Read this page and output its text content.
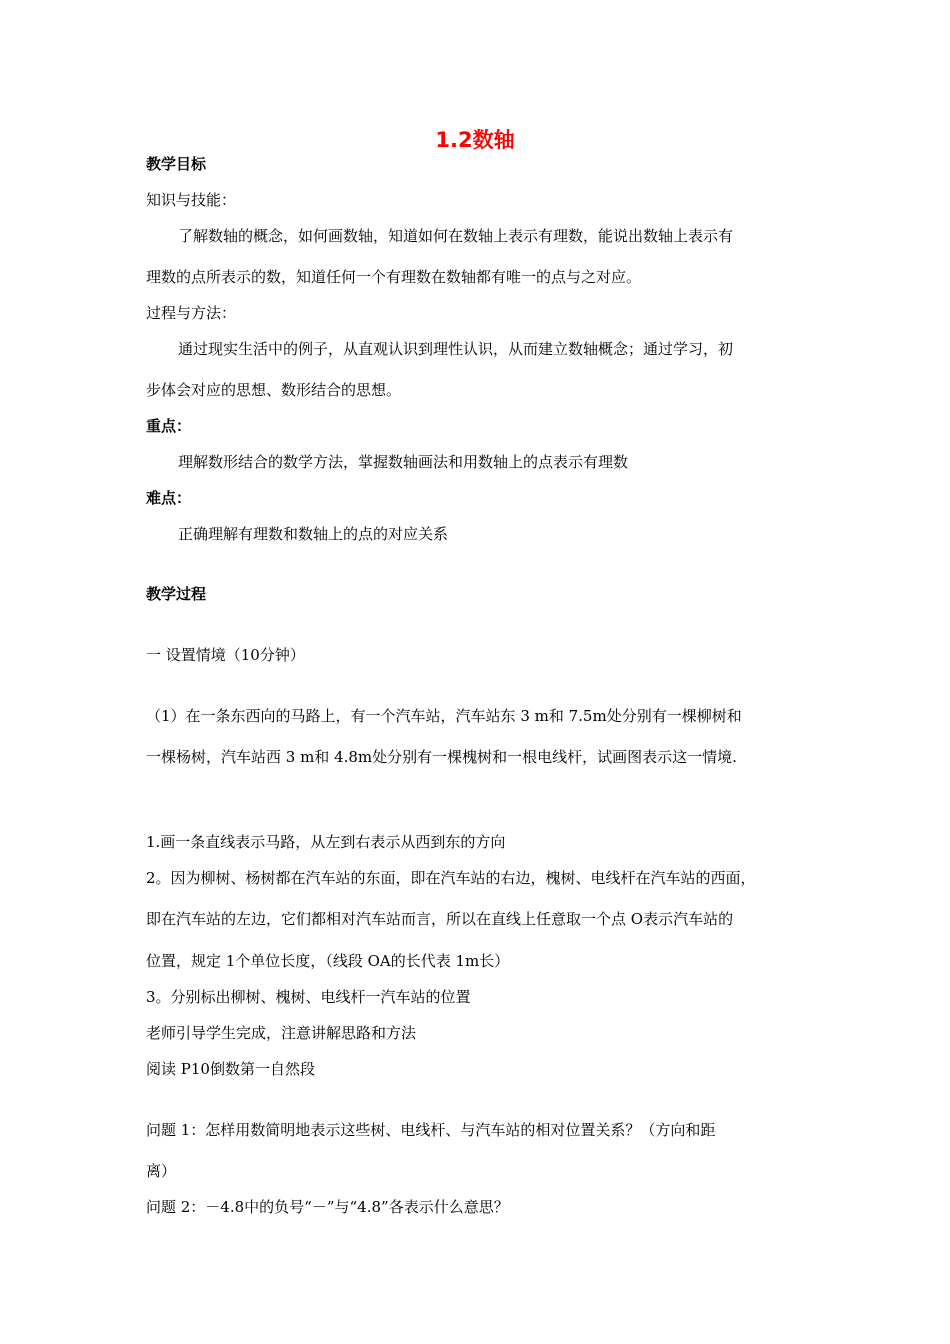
1.2数轴
教学目标
知识与技能：
了解数轴的概念，如何画数轴，知道如何在数轴上表示有理数，能说出数轴上表示有
理数的点所表示的数，知道任何一个有理数在数轴都有唯一的点与之对应。
过程与方法：
通过现实生活中的例子，从直观认识到理性认识，从而建立数轴概念；通过学习，初
步体会对应的思想、数形结合的思想。
重点：
理解数形结合的数学方法，掌握数轴画法和用数轴上的点表示有理数
难点：
正确理解有理数和数轴上的点的对应关系
教学过程
一 设置情境（10分钟）
（1）在一条东西向的马路上，有一个汽车站，汽车站东 3 m和 7.5m处分别有一棵柳树和
一棵杨树，汽车站西 3 m和 4.8m处分别有一棵槐树和一根电线杆，试画图表示这一情境.
1.画一条直线表示马路，从左到右表示从西到东的方向
2。因为柳树、杨树都在汽车站的东面，即在汽车站的右边，槐树、电线杆在汽车站的西面，
即在汽车站的左边，它们都相对汽车站而言，所以在直线上任意取一个点 O表示汽车站的
位置，规定 1个单位长度，（线段 OA的长代表 1m长）
3。分别标出柳树、槐树、电线杆一汽车站的位置
老师引导学生完成，注意讲解思路和方法
阅读 P10倒数第一自然段
问题 1：怎样用数简明地表示这些树、电线杆、与汽车站的相对位置关系？（方向和距
离）
问题 2：－4.8中的负号“－”与“4.8”各表示什么意思？
